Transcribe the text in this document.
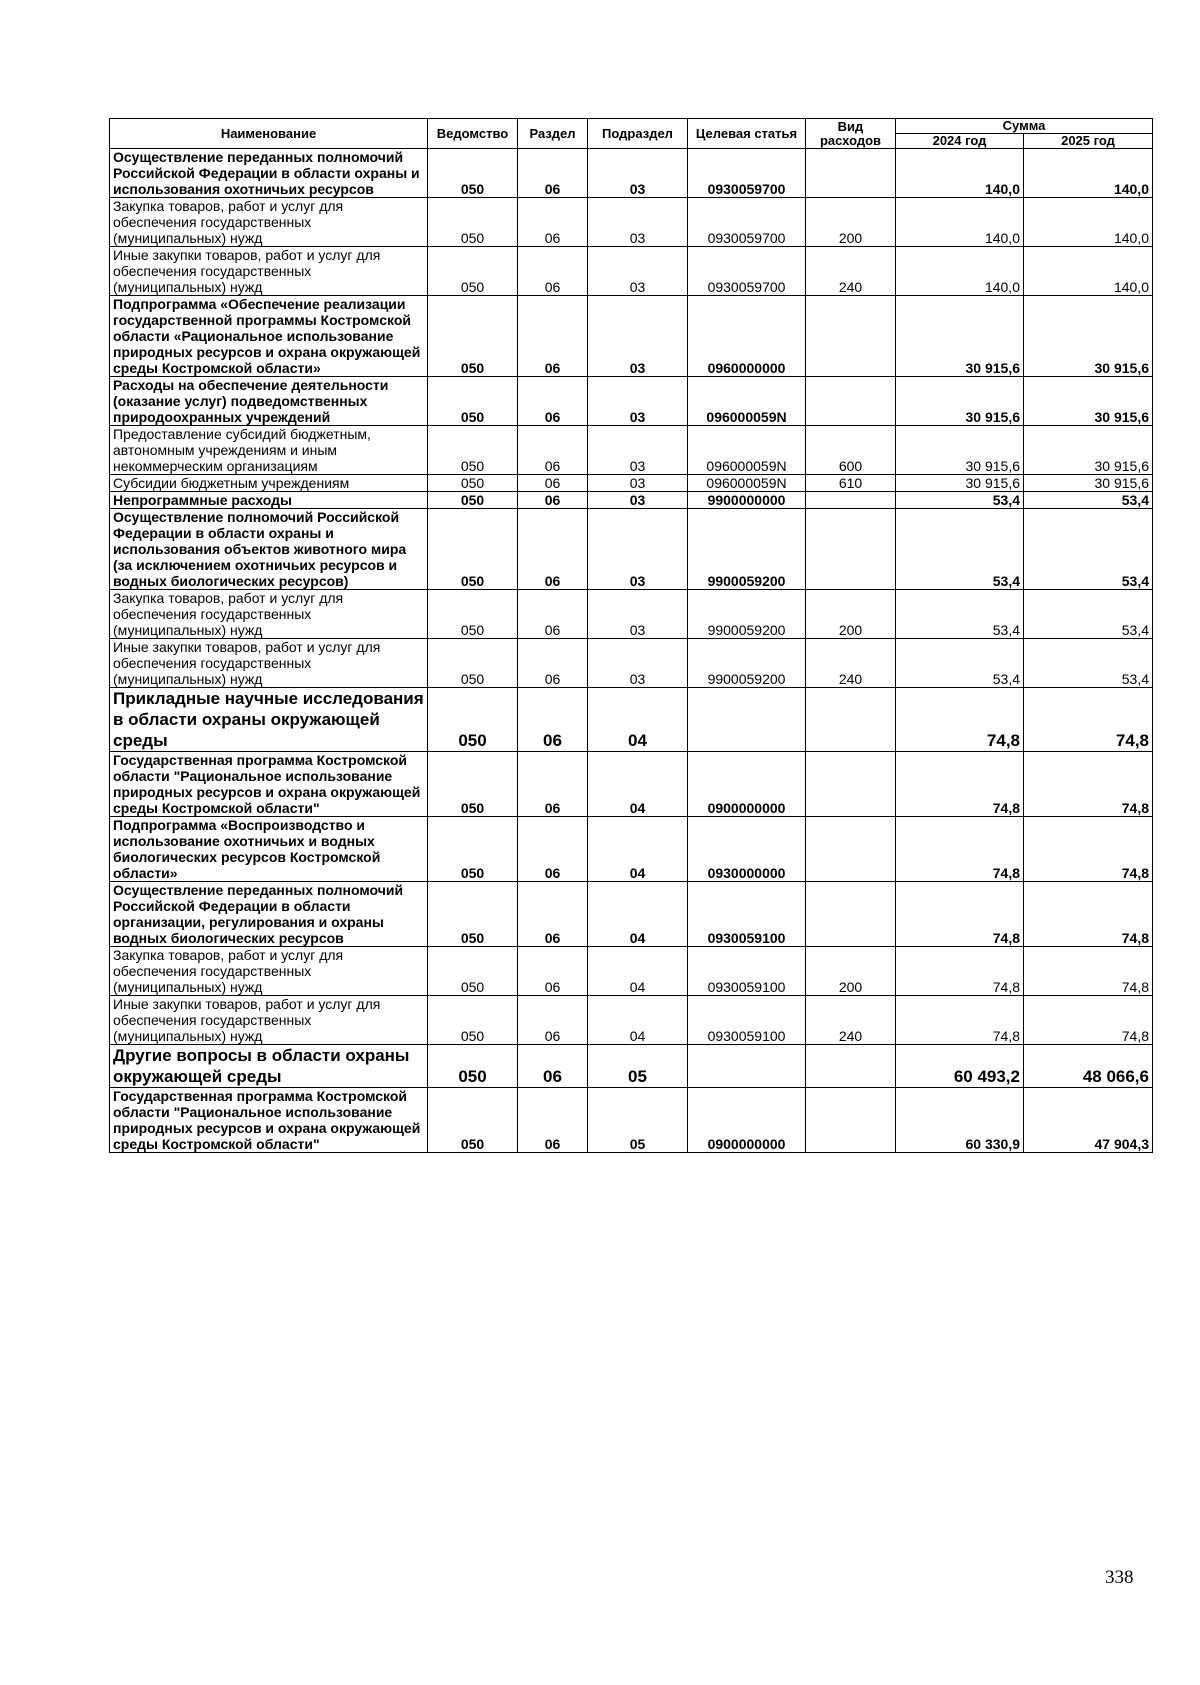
Наименование	Ведомство	Раздел	Подраздел	Целевая статья	Вид расходов	Сумма	
						2024 год	2025 год
Осуществление переданных полномочий Российской Федерации в области охраны и использования охотничьих ресурсов	050	06	03	0930059700		140,0	140,0
Закупка товаров, работ и услуг для обеспечения государственных (муниципальных) нужд	050	06	03	0930059700	200	140,0	140,0
Иные закупки товаров, работ и услуг для обеспечения государственных (муниципальных) нужд	050	06	03	0930059700	240	140,0	140,0
Подпрограмма «Обеспечение реализации государственной программы Костромской области «Рациональное использование природных ресурсов и охрана окружающей среды Костромской области»	050	06	03	0960000000		30 915,6	30 915,6
Расходы на обеспечение деятельности (оказание услуг) подведомственных природоохранных учреждений	050	06	03	096000059N		30 915,6	30 915,6
Предоставление субсидий бюджетным, автономным учреждениям и иным некоммерческим организациям	050	06	03	096000059N	600	30 915,6	30 915,6
Субсидии бюджетным учреждениям	050	06	03	096000059N	610	30 915,6	30 915,6
Непрограммные расходы	050	06	03	9900000000		53,4	53,4
Осуществление полномочий Российской Федерации в области охраны и использования объектов животного мира (за исключением охотничьих ресурсов и водных биологических ресурсов)	050	06	03	9900059200		53,4	53,4
Закупка товаров, работ и услуг для обеспечения государственных (муниципальных) нужд	050	06	03	9900059200	200	53,4	53,4
Иные закупки товаров, работ и услуг для обеспечения государственных (муниципальных) нужд	050	06	03	9900059200	240	53,4	53,4
Прикладные научные исследования в области охраны окружающей среды	050	06	04			74,8	74,8
Государственная программа Костромской области "Рациональное использование природных ресурсов и охрана окружающей среды Костромской области"	050	06	04	0900000000		74,8	74,8
Подпрограмма «Воспроизводство и использование охотничьих и водных биологических ресурсов Костромской области»	050	06	04	0930000000		74,8	74,8
Осуществление переданных полномочий Российской Федерации в области организации, регулирования и охраны водных биологических ресурсов	050	06	04	0930059100		74,8	74,8
Закупка товаров, работ и услуг для обеспечения государственных (муниципальных) нужд	050	06	04	0930059100	200	74,8	74,8
Иные закупки товаров, работ и услуг для обеспечения государственных (муниципальных) нужд	050	06	04	0930059100	240	74,8	74,8
Другие вопросы в области охраны окружающей среды	050	06	05			60 493,2	48 066,6
Государственная программа Костромской области "Рациональное использование природных ресурсов и охрана окружающей среды Костромской области"	050	06	05	0900000000		60 330,9	47 904,3
338
